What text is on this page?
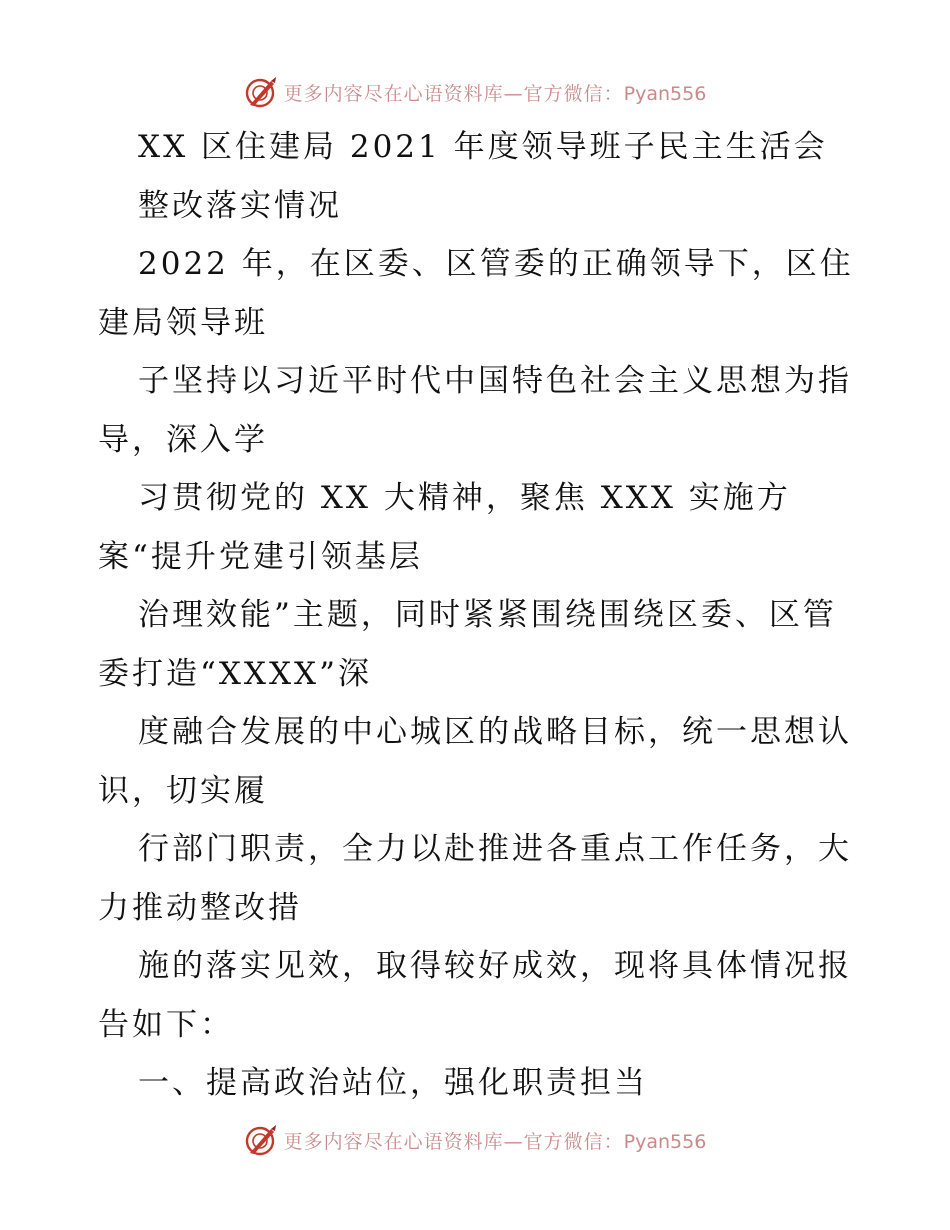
更多内容尽在心语资料库—官方微信：Pyan556
XX 区住建局 2021 年度领导班子民主生活会
整改落实情况
2022 年，在区委、区管委的正确领导下，区住
建局领导班
子坚持以习近平时代中国特色社会主义思想为指
导，深入学
习贯彻党的 XX 大精神，聚焦 XXX 实施方
案“提升党建引领基层
治理效能”主题，同时紧紧围绕围绕区委、区管
委打造“XXXX”深
度融合发展的中心城区的战略目标，统一思想认
识，切实履
行部门职责，全力以赴推进各重点工作任务，大
力推动整改措
施的落实见效，取得较好成效，现将具体情况报
告如下：
一、提高政治站位，强化职责担当
更多内容尽在心语资料库—官方微信：Pyan556
